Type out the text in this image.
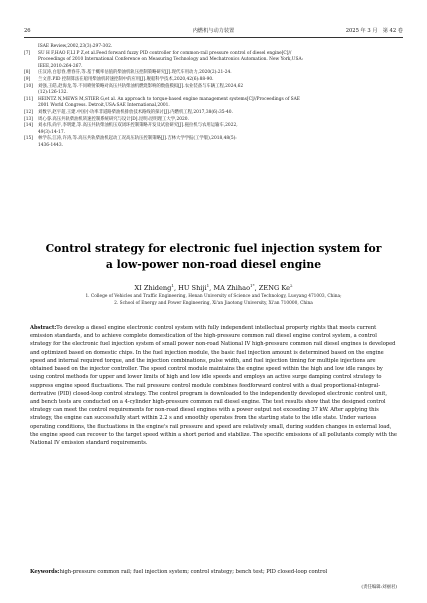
26	内燃机与动力装置	2025 年 3 月　第 42 卷
ISAE Review,2002,23(3):297-302.
[7]	SU H F,HAO F,LI P Z,et al.Feed forward fuzzy PID controller for common-rail pressure control of diesel engine[C]//
Proceedings of 2010 International Conference on Measuring Technology and Mechatronics Automation. New York,USA:
IEEE,2010:264-267.
[8]	庄汉涛,白思春,曹春芬,等.基于概率估值的柴油机轨压控制策略研究[J].现代车用动力,2020(2):21-24.
[9]	兰文普.PID 控制算法在船用柴油机转速控制中的应用[J].舰船科学技术,2020,42(6):88-90.
[10]	刘强,王皓,赵海龙,等.不同喷射策略对高压共轨柴油机燃烧影响的数值模拟[J].农业装备与车辆工程,2024,62
(12):126-132.
[11]	HEINTZ N,MEWS M,STIER G,et al. An approach to torque-based engine management systems[C]//Proceedings of SAE
2001 World Congress. Detroit,USA:SAE International,2001.
[12]	刘数字,赵宇超,王建.中国小功率非道路柴油机排放技术路线的探讨[J].内燃机工程,2017,38(6):35-40.
[13]	周心睿.高压共轨柴油机转速控制系统研究与设计[D].昆明:昆明理工大学,2020.
[14]	刘永伟,尚宇,李明建,等.高压共轨柴油机压双闭环控制策略开发及试验研究[J].拖拉机与农用运输车,2022,
49(3):14-17.
[15]	林学东,江涛,许涛,等.高压共轨柴油机起动工况高压轨压控制策略[J].吉林大学学报(工学版),2018,48(5):
1436-1443.
Control strategy for electronic fuel injection system for
a low-power non-road diesel engine
XI Zhideng$^1$, HU Shiji$^1$, MA Zhihao$^{1*}$, ZENG Ke$^2$
1. College of Vehicles and Traffic Engineering, Henan University of Science and Technology, Luoyang 471003, China;
2. School of Energy and Power Engineering, Xi'an Jiaotong University, Xi'an 710000, China
Abstract:To develop a diesel engine electronic control system with fully independent intellectual property rights that meets current emission standards, and to achieve complete domestication of the high-pressure common rail diesel engine control system, a control strategy for the electronic fuel injection system of small power non-road National IV high-pressure common rail diesel engines is developed and optimized based on domestic chips. In the fuel injection module, the basic fuel injection amount is determined based on the engine speed and internal required torque, and the injection combinations, pulse width, and fuel injection timing for multiple injections are obtained based on the injector controller. The speed control module maintains the engine speed within the high and low idle ranges by using control methods for upper and lower limits of high and low idle speeds and employs an active surge damping control strategy to suppress engine speed fluctuations. The rail pressure control module combines feedforward control with a dual proportional-integral-derivative (PID) closed-loop control strategy. The control program is downloaded to the independently developed electronic control unit, and bench tests are conducted on a 4-cylinder high-pressure common rail diesel engine. The test results show that the designed control strategy can meet the control requirements for non-road diesel engines with a power output not exceeding 37 kW. After applying this strategy, the engine can successfully start within 2.2 s and smoothly operates from the starting state to the idle state. Under various operating conditions, the fluctuations in the engine's rail pressure and speed are relatively small, during sudden changes in external load, the engine speed can recover to the target speed within a short period and stabilize. The specific emissions of all pollutants comply with the National IV emission standard requirements.
Keywords:high-pressure common rail; fuel injection system; control strategy; bench test; PID closed-loop control
(责任编辑:刘丽君)
